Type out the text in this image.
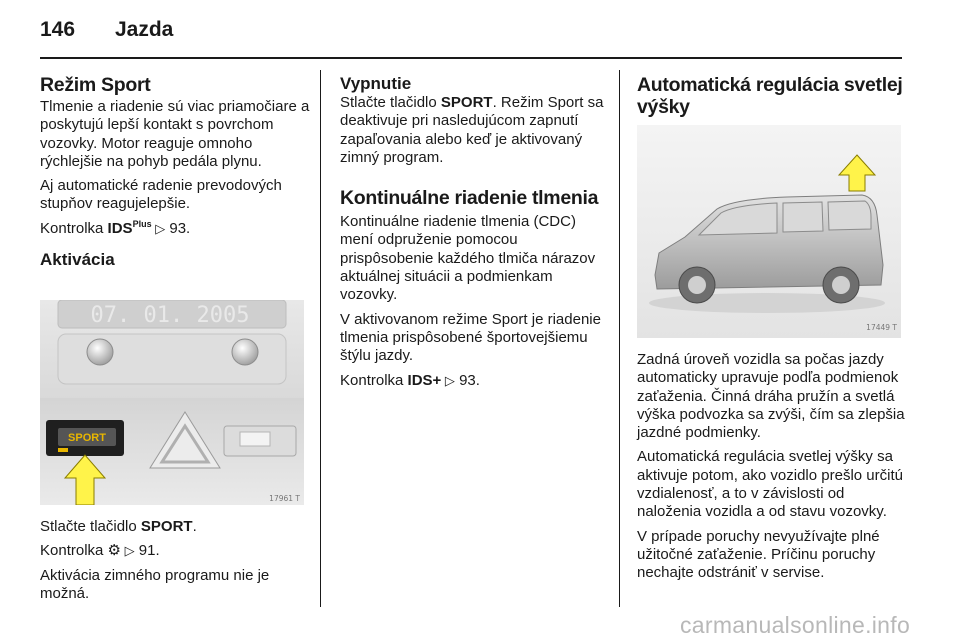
146 Jazda
Režim Sport

Tlmenie a riadenie sú viac priamočiare a poskytujú lepší kontakt s povrchom vozovky. Motor reaguje omnoho rýchlejšie na pohyb pedála plynu.

Aj automatické radenie prevodových stupňov reagujelepšie.

Kontrolka $IDS^{Plus}$ ▷ 93.

Aktivácia
07. 01. 2005
SPORT
17961 T

Stlačte tlačidlo SPORT.

Kontrolka ⚙ ▷ 91.

Aktivácia zimného programu nie je možná.

Vypnutie

Stlačte tlačidlo SPORT. Režim Sport sa deaktivuje pri nasledujúcom zapnutí zapaľovania alebo keď je aktivovaný zimný program.

Kontinuálne riadenie tlmenia

Kontinuálne riadenie tlmenia (CDC) mení odpruženie pomocou prispôsobenie každého tlmiča nárazov aktuálnej situácii a podmienkam vozovky.

V aktivovanom režime Sport je riadenie tlmenia prispôsobené športovejšiemu štýlu jazdy.

Kontrolka IDS+ ▷ 93.

Automatická regulácia svetlej výšky
17449 T

Zadná úroveň vozidla sa počas jazdy automaticky upravuje podľa podmienok zaťaženia. Činná dráha pružín a svetlá výška podvozka sa zvýši, čím sa zlepšia jazdné podmienky.

Automatická regulácia svetlej výšky sa aktivuje potom, ako vozidlo prešlo určitú vzdialenosť, a to v závislosti od naloženia vozidla a od stavu vozovky.

V prípade poruchy nevyužívajte plné užitočné zaťaženie. Príčinu poruchy nechajte odstrániť v servise.

carmanualsonline.info
